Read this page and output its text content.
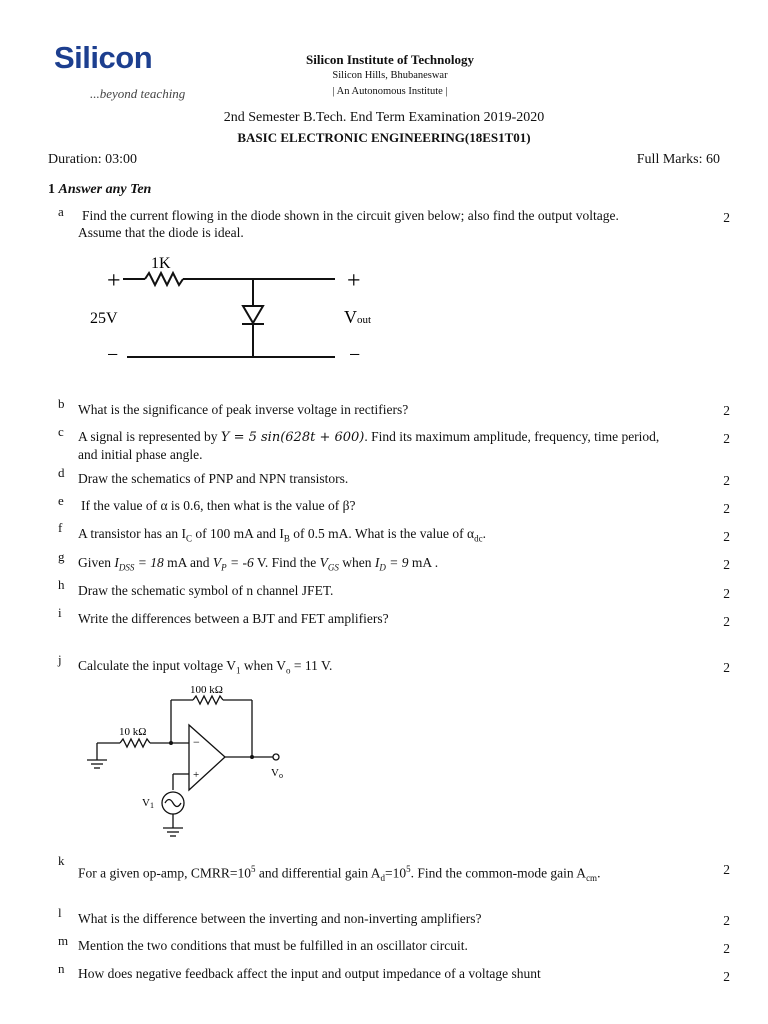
Silicon
...beyond teaching
Silicon Institute of Technology
Silicon Hills, Bhubaneswar
| An Autonomous Institute |
2nd Semester B.Tech. End Term Examination 2019-2020
BASIC ELECTRONIC ENGINEERING(18ES1T01)
Duration: 03:00	Full Marks: 60
1 Answer any Ten
a Find the current flowing in the diode shown in the circuit given below; also find the output voltage. Assume that the diode is ideal.
2
+	+
−	−
1K
25V	Vout
b What is the significance of peak inverse voltage in rectifiers?	2
c A signal is represented by Y = 5 sin(628t + 600). Find its maximum amplitude, frequency, time period, and initial phase angle.
2
d Draw the schematics of PNP and NPN transistors.	2
e If the value of α is 0.6, then what is the value of β?	2
f A transistor has an $I_C$ of 100 mA and $I_B$ of 0.5 mA. What is the value of $\alpha_{dc}$.	2
g Given $I_{DSS} = 18$ mA and $V_P = -6$ V. Find the $V_{GS}$ when $I_D = 9$ mA .	2
h Draw the schematic symbol of n channel JFET.	2
i Write the differences between a BJT and FET amplifiers?	2
j Calculate the input voltage $V_1$ when $V_o = 11$ V.	2
100 kΩ
10 kΩ
−
+	Vo
V1
k
For a given op-amp, $CMRR=10^5$ and differential gain $A_d=10^5$. Find the common-mode gain $A_{cm}$.	2
l What is the difference between the inverting and non-inverting amplifiers?	2
m Mention the two conditions that must be fulfilled in an oscillator circuit.	2
n How does negative feedback affect the input and output impedance of a voltage shunt	2
